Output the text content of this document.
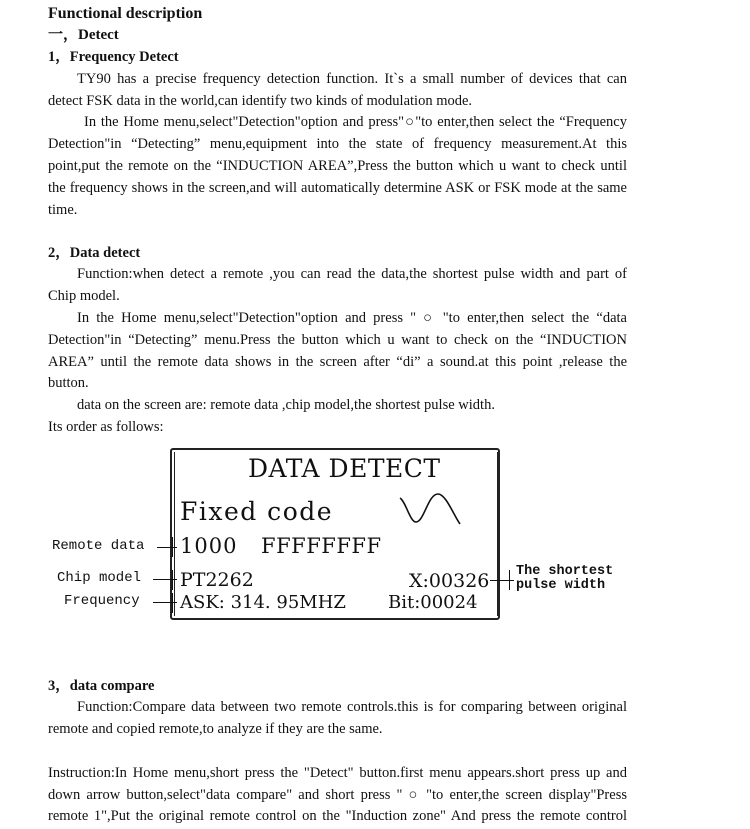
Functional description
一，Detect
1，Frequency Detect
TY90 has a precise frequency detection function. It`s a small number of devices that can
detect FSK data in the world,can identify two kinds of modulation mode.
In the Home menu,select"Detection"option and press"○"to enter,then select the “Frequency
Detection"in “Detecting” menu,equipment into the state of frequency measurement.At this
point,put the remote on the “INDUCTION AREA”,Press the button which u want to check until
the frequency shows in the screen,and will automatically determine ASK or FSK mode at the same
time.
2，Data detect
Function:when detect a remote ,you can read the data,the shortest pulse width and part of
Chip model.
In the Home menu,select"Detection"option and press " ○ "to enter,then select the “data
Detection"in “Detecting” menu.Press the button which u want to check on the “INDUCTION
AREA” until the remote data shows in the screen after “di” a sound.at this point ,release the
button.
data on the screen are: remote data ,chip model,the shortest pulse width.
Its order as follows:
DATA DETECT
Fixed code
1000 FFFFFFFF
PT2262	X:00326
ASK: 314. 95MHZ Bit:00024
Remote data
Chip model
Frequency
The shortest
pulse width
3，data compare
Function:Compare data between two remote controls.this is for comparing between original
remote and copied remote,to analyze if they are the same.
Instruction:In Home menu,short press the "Detect" button.first menu appears.short press up and
down arrow button,select"data compare" and short press " ○ "to enter,the screen display"Press
remote 1",Put the original remote control on the "Induction zone" And press the remote control
